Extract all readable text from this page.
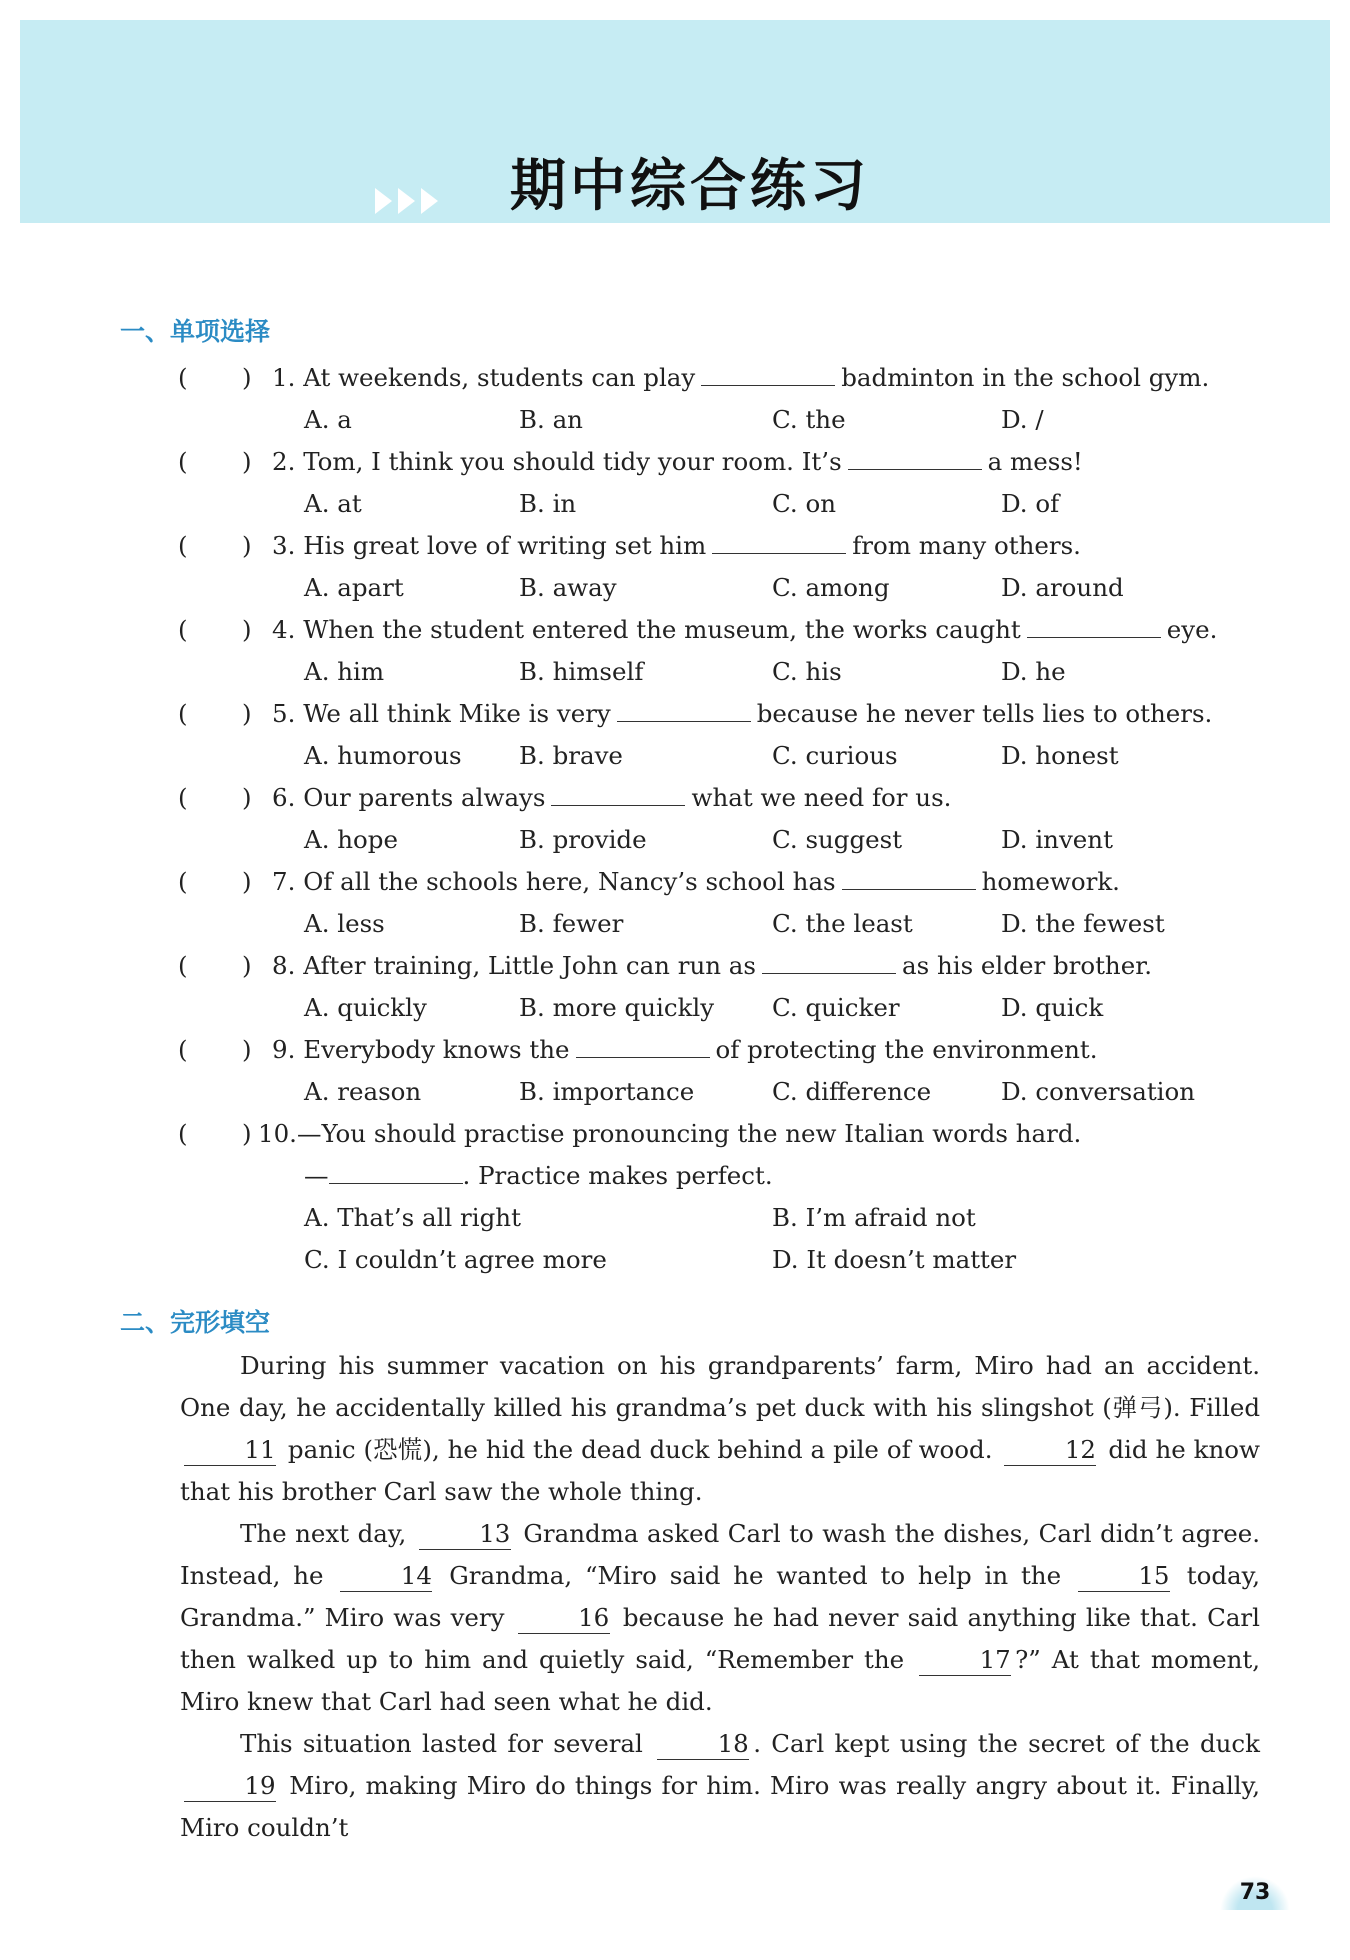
期中综合练习
一、单项选择
( ) 1. At weekends, students can play	badminton in the school gym.
A. a	B. an	C. the	D. /
( ) 2. Tom, I think you should tidy your room. It’s	a mess!
A. at	B. in	C. on	D. of
( ) 3. His great love of writing set him	from many others.
A. apart	B. away	C. among	D. around
( ) 4. When the student entered the museum, the works caught	eye.
A. him	B. himself	C. his	D. he
( ) 5. We all think Mike is very	because he never tells lies to others.
A. humorous B. brave	C. curious	D. honest
( ) 6. Our parents always	what we need for us.
A. hope	B. provide	C. suggest	D. invent
( ) 7. Of all the schools here, Nancy’s school has	homework.
A. less	B. fewer	C. the least	D. the fewest
( ) 8. After training, Little John can run as	as his elder brother.
A. quickly	B. more quickly C. quicker	D. quick
( ) 9. Everybody knows the	of protecting the environment.
A. reason	B. importance	C. difference	D. conversation
( ) 10.—You should practise pronouncing the new Italian words hard.
—	. Practice makes perfect.
A. That’s all right	B. I’m afraid not
C. I couldn’t agree more	D. It doesn’t matter
二、完形填空

During his summer vacation on his grandparents’ farm, Miro had an accident. One day, he accidentally killed his grandma’s pet duck with his slingshot (弹弓). Filled 11 panic (恐慌), he hid the dead duck behind a pile of wood.	12 did he know that his brother Carl saw the whole thing.

The next day,	13 Grandma asked Carl to wash the dishes, Carl didn’t agree. Instead, he	14 Grandma, “Miro said he wanted to help in the	15 today, Grandma.” Miro was very	16 because he had never said anything like that. Carl then walked up to him and quietly said, “Remember the	17 ?” At that moment, Miro knew that Carl had seen what he did.

This situation lasted for several	18 . Carl kept using the secret of the duck 19 Miro, making Miro do things for him. Miro was really angry about it. Finally, Miro couldn’t

73
